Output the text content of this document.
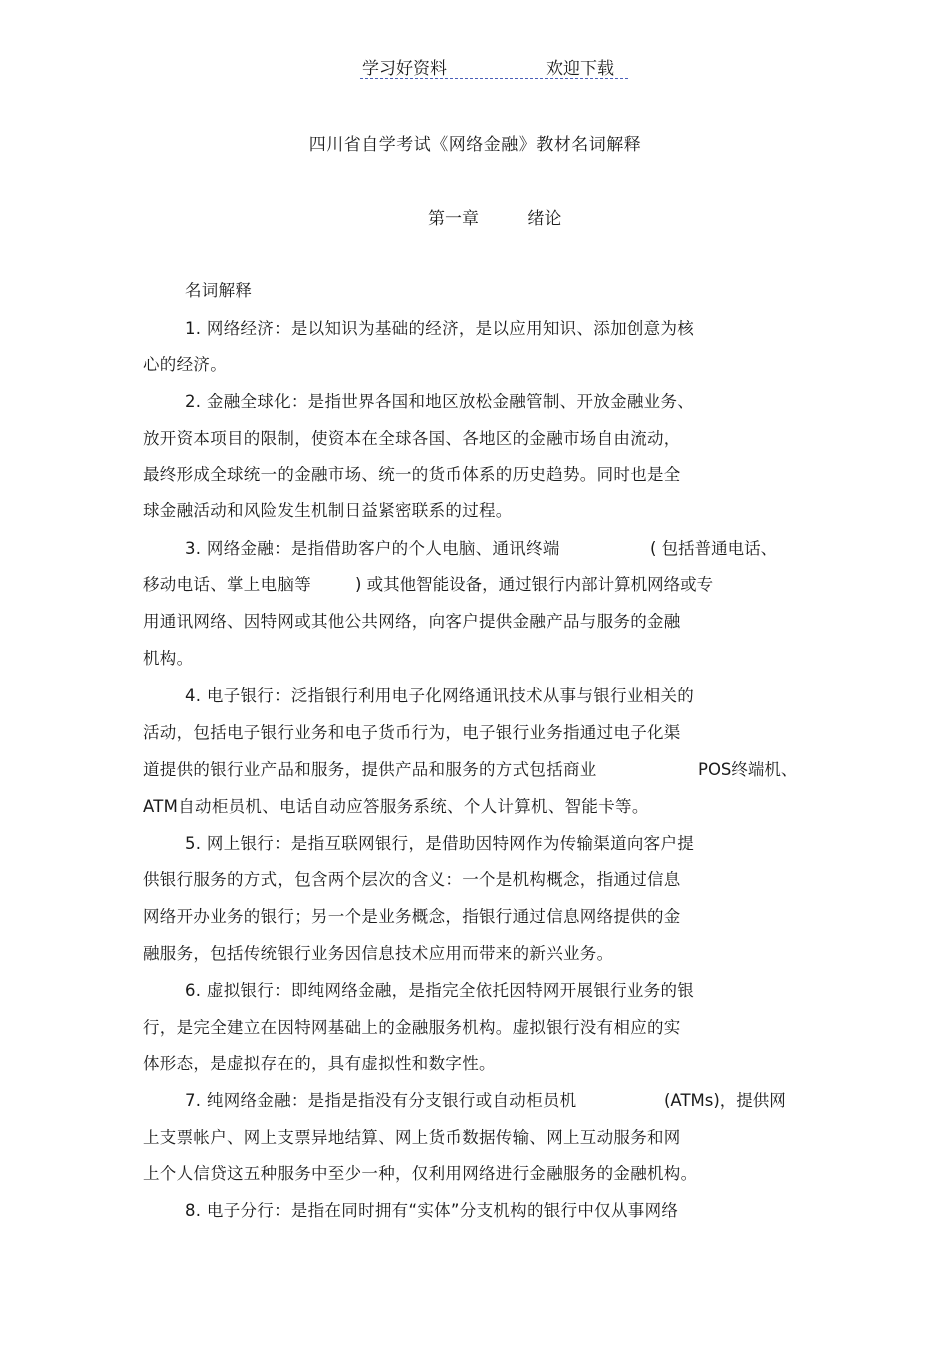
学习好资料	欢迎下载
四川省自学考试《网络金融》教材名词解释
第一章	绪论
名词解释
1. 网络经济：是以知识为基础的经济，是以应用知识、添加创意为核
心的经济。
2. 金融全球化：是指世界各国和地区放松金融管制、开放金融业务、
放开资本项目的限制，使资本在全球各国、各地区的金融市场自由流动，
最终形成全球统一的金融市场、统一的货币体系的历史趋势。同时也是全
球金融活动和风险发生机制日益紧密联系的过程。
3. 网络金融：是指借助客户的个人电脑、通讯终端	( 包括普通电话、
移动电话、掌上电脑等	) 或其他智能设备，通过银行内部计算机网络或专
用通讯网络、因特网或其他公共网络，向客户提供金融产品与服务的金融
机构。
4. 电子银行：泛指银行利用电子化网络通讯技术从事与银行业相关的
活动，包括电子银行业务和电子货币行为，电子银行业务指通过电子化渠
道提供的银行业产品和服务，提供产品和服务的方式包括商业	POS终端机、
ATM自动柜员机、电话自动应答服务系统、个人计算机、智能卡等。
5. 网上银行：是指互联网银行，是借助因特网作为传输渠道向客户提
供银行服务的方式，包含两个层次的含义：一个是机构概念，指通过信息
网络开办业务的银行；另一个是业务概念，指银行通过信息网络提供的金
融服务，包括传统银行业务因信息技术应用而带来的新兴业务。
6. 虚拟银行：即纯网络金融，是指完全依托因特网开展银行业务的银
行，是完全建立在因特网基础上的金融服务机构。虚拟银行没有相应的实
体形态，是虚拟存在的，具有虚拟性和数字性。
7. 纯网络金融：是指是指没有分支银行或自动柜员机	(ATMs)，提供网
上支票帐户、网上支票异地结算、网上货币数据传输、网上互动服务和网
上个人信贷这五种服务中至少一种，仅利用网络进行金融服务的金融机构。
8. 电子分行：是指在同时拥有“实体”分支机构的银行中仅从事网络
